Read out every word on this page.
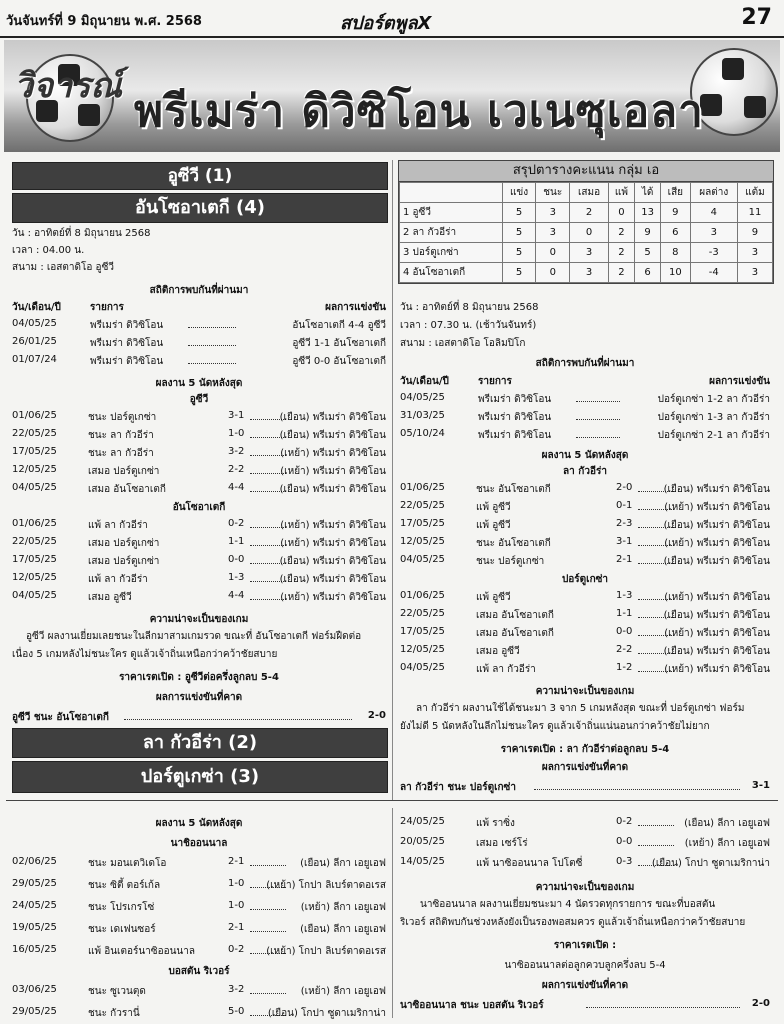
วันจันทร์ที่ 9 มิถุนายน พ.ศ. 2568	สปอร์ตพูลX	27
วิจารณ์ พรีเมร่า ดิวิซิโอน เวเนซุเอลา
อูซีวี (1)
อันโซอาเตกี (4)
วัน : อาทิตย์ที่ 8 มิถุนายน 2568
เวลา : 04.00 น.
สนาม : เอสตาดิโอ อูซีวี
สถิติการพบกันที่ผ่านมา
วัน/เดือน/ปี	รายการ	ผลการแข่งขัน
04/05/25	พรีเมร่า ดิวิซิโอน	อันโซอาเตกี 4-4 อูซีวี
26/01/25	พรีเมร่า ดิวิซิโอน	อูซีวี 1-1 อันโซอาเตกี
01/07/24	พรีเมร่า ดิวิซิโอน	อูซีวี 0-0 อันโซอาเตกี
ผลงาน 5 นัดหลังสุด
อูซีวี
01/06/25	ชนะ ปอร์ตูเกซ่า	3-1	(เยือน) พรีเมร่า ดิวิซิโอน
22/05/25	ชนะ ลา กัวอีร่า	1-0	(เยือน) พรีเมร่า ดิวิซิโอน
17/05/25	ชนะ ลา กัวอีร่า	3-2	(เหย้า) พรีเมร่า ดิวิซิโอน
12/05/25	เสมอ ปอร์ตูเกซ่า	2-2	(เหย้า) พรีเมร่า ดิวิซิโอน
04/05/25	เสมอ อันโซอาเตกี	4-4	(เยือน) พรีเมร่า ดิวิซิโอน
อันโซอาเตกี
01/06/25	แพ้ ลา กัวอีร่า	0-2	(เหย้า) พรีเมร่า ดิวิซิโอน
22/05/25	เสมอ ปอร์ตูเกซ่า	1-1	(เหย้า) พรีเมร่า ดิวิซิโอน
17/05/25	เสมอ ปอร์ตูเกซ่า	0-0	(เยือน) พรีเมร่า ดิวิซิโอน
12/05/25	แพ้ ลา กัวอีร่า	1-3	(เยือน) พรีเมร่า ดิวิซิโอน
04/05/25	เสมอ อูซีวี	4-4	(เหย้า) พรีเมร่า ดิวิซิโอน
ความน่าจะเป็นของเกม
อูซีวี ผลงานเยี่ยมเลยชนะในลีกมาสามเกมรวด ขณะที่ อันโซอาเตกี ฟอร์มฝืดต่อ
เนื่อง 5 เกมหลังไม่ชนะใคร ดูแล้วเจ้าถิ่นเหนือกว่าคว้าชัยสบาย
ราคาเรตเปิด : อูซีวีต่อครึ่งลูกลบ 5-4
ผลการแข่งขันที่คาด
อูซีวี ชนะ อันโซอาเตกี	2-0
ลา กัวอีร่า (2)
ปอร์ตูเกซ่า (3)
สรุปตารางคะแนน กลุ่ม เอ
	แข่ง	ชนะ	เสมอ	แพ้	ได้	เสีย	ผลต่าง	แต้ม
1 อูซีวี	5	3	2	0	13	9	4	11
2 ลา กัวอีร่า	5	3	0	2	9	6	3	9
3 ปอร์ตูเกซ่า	5	0	3	2	5	8	-3	3
4 อันโซอาเตกี	5	0	3	2	6	10	-4	3
วัน : อาทิตย์ที่ 8 มิถุนายน 2568
เวลา : 07.30 น. (เช้าวันจันทร์)
สนาม : เอสตาดิโอ โอลิมปิโก
สถิติการพบกันที่ผ่านมา
วัน/เดือน/ปี	รายการ	ผลการแข่งขัน
04/05/25	พรีเมร่า ดิวิซิโอน	ปอร์ตูเกซ่า 1-2 ลา กัวอีร่า
31/03/25	พรีเมร่า ดิวิซิโอน	ปอร์ตูเกซ่า 1-3 ลา กัวอีร่า
05/10/24	พรีเมร่า ดิวิซิโอน	ปอร์ตูเกซ่า 2-1 ลา กัวอีร่า
ผลงาน 5 นัดหลังสุด
ลา กัวอีร่า
01/06/25	ชนะ อันโซอาเตกี	2-0	(เยือน) พรีเมร่า ดิวิซิโอน
22/05/25	แพ้ อูซีวี	0-1	(เหย้า) พรีเมร่า ดิวิซิโอน
17/05/25	แพ้ อูซีวี	2-3	(เยือน) พรีเมร่า ดิวิซิโอน
12/05/25	ชนะ อันโซอาเตกี	3-1	(เหย้า) พรีเมร่า ดิวิซิโอน
04/05/25	ชนะ ปอร์ตูเกซ่า	2-1	(เยือน) พรีเมร่า ดิวิซิโอน
ปอร์ตูเกซ่า
01/06/25	แพ้ อูซีวี	1-3	(เหย้า) พรีเมร่า ดิวิซิโอน
22/05/25	เสมอ อันโซอาเตกี	1-1	(เยือน) พรีเมร่า ดิวิซิโอน
17/05/25	เสมอ อันโซอาเตกี	0-0	(เหย้า) พรีเมร่า ดิวิซิโอน
12/05/25	เสมอ อูซีวี	2-2	(เยือน) พรีเมร่า ดิวิซิโอน
04/05/25	แพ้ ลา กัวอีร่า	1-2	(เหย้า) พรีเมร่า ดิวิซิโอน
ความน่าจะเป็นของเกม
ลา กัวอีร่า ผลงานใช้ได้ชนะมา 3 จาก 5 เกมหลังสุด ขณะที่ ปอร์ตูเกซ่า ฟอร์ม
ยังไม่ดี 5 นัดหลังในลีกไม่ชนะใคร ดูแล้วเจ้าถิ่นแน่นอนกว่าคว้าชัยไม่ยาก
ราคาเรตเปิด : ลา กัวอีร่าต่อลูกลบ 5-4
ผลการแข่งขันที่คาด
ลา กัวอีร่า ชนะ ปอร์ตูเกซ่า	3-1
ผลงาน 5 นัดหลังสุด
นาชิออนนาล
02/06/25	ชนะ มอนเตวิเดโอ	2-1	(เยือน) ลีกา เอยูเอฟ
29/05/25	ชนะ ซิตี้ ตอร์เก้ล	1-0 (เหย้า) โกปา ลิเบร์ตาดอเรส
24/05/25	ชนะ โปรเกรโซ่	1-0	(เหย้า) ลีกา เอยูเอฟ
19/05/25	ชนะ เดเฟนซอร์	2-1	(เยือน) ลีกา เอยูเอฟ
16/05/25	แพ้ อินเตอร์นาซิออนนาล	0-2 (เหย้า) โกปา ลิเบร์ตาดอเรส
บอสตัน ริเวอร์
03/06/25	ชนะ ซูเวนตุด	3-2	(เหย้า) ลีกา เอยูเอฟ
29/05/25	ชนะ กัวรานี่	5-0 (เยือน) โกปา ซูดาเมริกาน่า
24/05/25	แพ้ ราซิ่ง	0-2	(เยือน) ลีกา เอยูเอฟ
20/05/25	เสมอ เซร์โร่	0-0	(เหย้า) ลีกา เอยูเอฟ
14/05/25	แพ้ นาซิออนนาล โปโตซี่	0-3 (เยือน) โกปา ซูดาเมริกาน่า
ความน่าจะเป็นของเกม
นาซิออนนาล ผลงานเยี่ยมชนะมา 4 นัดรวดทุกรายการ ขณะที่บอสตัน
ริเวอร์ สถิติพบกันช่วงหลังยังเป็นรองพอสมควร ดูแล้วเจ้าถิ่นเหนือกว่าคว้าชัยสบาย
ราคาเรตเปิด :
นาซิออนนาลต่อลูกควบลูกครึ่งลบ 5-4
ผลการแข่งขันที่คาด
นาซิออนนาล ชนะ บอสตัน ริเวอร์	2-0
